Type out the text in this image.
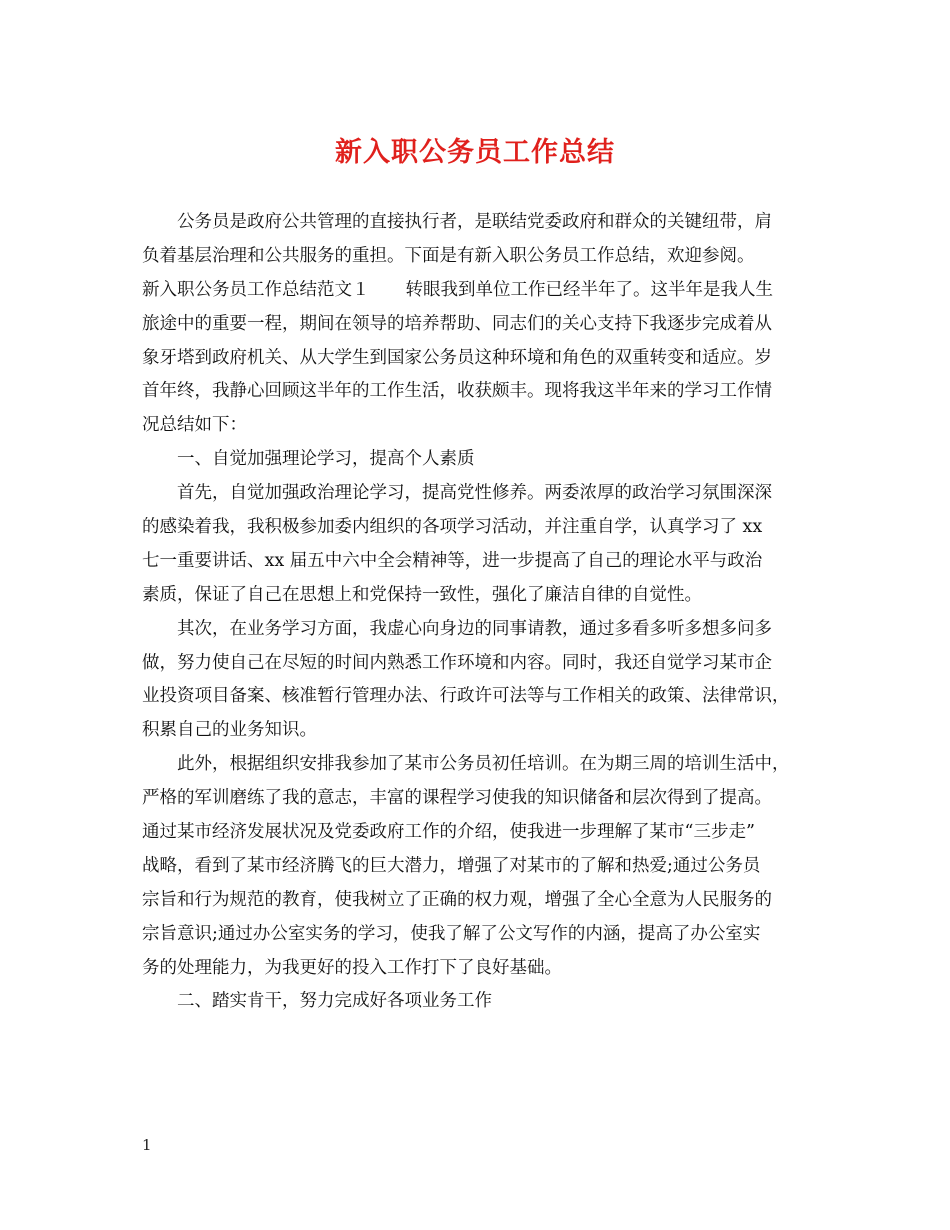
新入职公务员工作总结
公务员是政府公共管理的直接执行者，是联结党委政府和群众的关键纽带，肩
负着基层治理和公共服务的重担。下面是有新入职公务员工作总结，欢迎参阅。
新入职公务员工作总结范文１ 转眼我到单位工作已经半年了。这半年是我人生
旅途中的重要一程，期间在领导的培养帮助、同志们的关心支持下我逐步完成着从
象牙塔到政府机关、从大学生到国家公务员这种环境和角色的双重转变和适应。岁
首年终，我静心回顾这半年的工作生活，收获颇丰。现将我这半年来的学习工作情
况总结如下：
一、自觉加强理论学习，提高个人素质
首先，自觉加强政治理论学习，提高党性修养。两委浓厚的政治学习氛围深深
的感染着我，我积极参加委内组织的各项学习活动，并注重自学，认真学习了 xx
七一重要讲话、xx 届五中六中全会精神等，进一步提高了自己的理论水平与政治
素质，保证了自己在思想上和党保持一致性，强化了廉洁自律的自觉性。
其次，在业务学习方面，我虚心向身边的同事请教，通过多看多听多想多问多
做，努力使自己在尽短的时间内熟悉工作环境和内容。同时，我还自觉学习某市企
业投资项目备案、核准暂行管理办法、行政许可法等与工作相关的政策、法律常识，
积累自己的业务知识。
此外，根据组织安排我参加了某市公务员初任培训。在为期三周的培训生活中，
严格的军训磨练了我的意志，丰富的课程学习使我的知识储备和层次得到了提高。
通过某市经济发展状况及党委政府工作的介绍，使我进一步理解了某市“三步走”
战略，看到了某市经济腾飞的巨大潜力，增强了对某市的了解和热爱;通过公务员
宗旨和行为规范的教育，使我树立了正确的权力观，增强了全心全意为人民服务的
宗旨意识;通过办公室实务的学习，使我了解了公文写作的内涵，提高了办公室实
务的处理能力，为我更好的投入工作打下了良好基础。
二、踏实肯干，努力完成好各项业务工作
1
